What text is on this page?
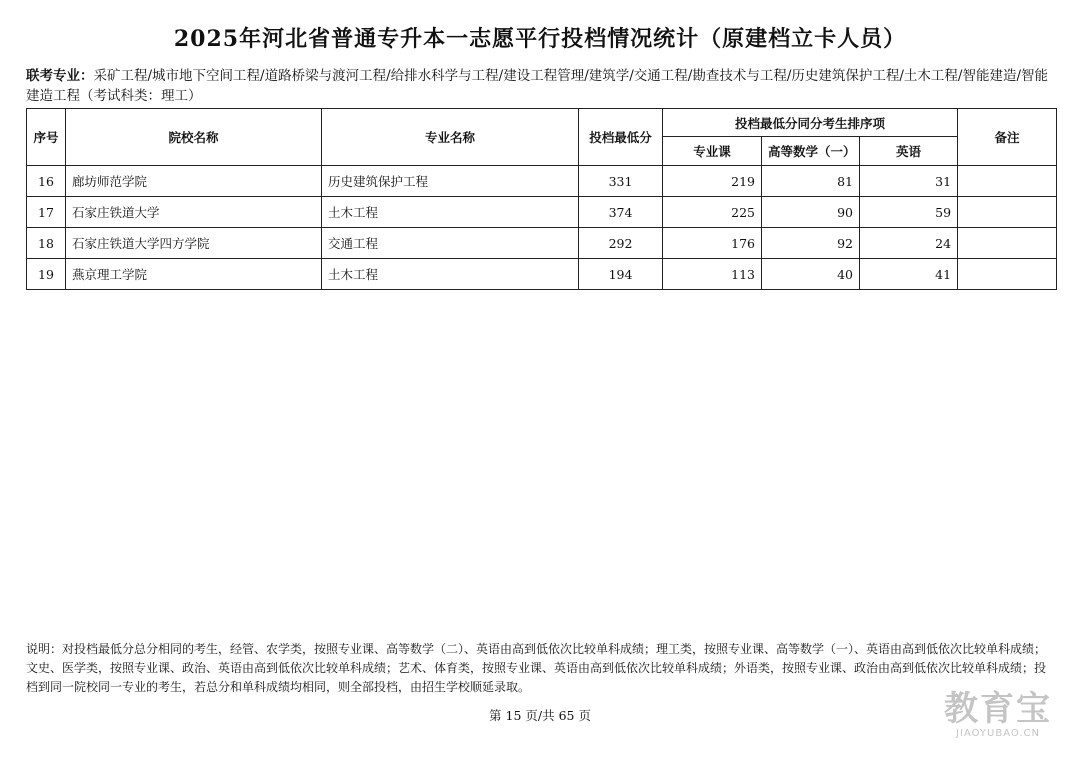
2025年河北省普通专升本一志愿平行投档情况统计（原建档立卡人员）
联考专业：采矿工程/城市地下空间工程/道路桥梁与渡河工程/给排水科学与工程/建设工程管理/建筑学/交通工程/勘查技术与工程/历史建筑保护工程/土木工程/智能建造/智能建造工程（考试科类：理工）
序号	院校名称	专业名称	投档最低分	投档最低分同分考生排序项			备注
				专业课	高等数学（一）	英语	
16	廊坊师范学院	历史建筑保护工程	331	219	81	31	
17	石家庄铁道大学	土木工程	374	225	90	59	
18	石家庄铁道大学四方学院	交通工程	292	176	92	24	
19	燕京理工学院	土木工程	194	113	40	41	
说明：对投档最低分总分相同的考生，经管、农学类，按照专业课、高等数学（二）、英语由高到低依次比较单科成绩；理工类，按照专业课、高等数学（一）、英语由高到低依次比较单科成绩；文史、医学类，按照专业课、政治、英语由高到低依次比较单科成绩；艺术、体育类，按照专业课、英语由高到低依次比较单科成绩；外语类，按照专业课、政治由高到低依次比较单科成绩；投档到同一院校同一专业的考生，若总分和单科成绩均相同，则全部投档，由招生学校顺延录取。
第 15 页/共 65 页	教育宝
JIAOYUBAO.CN
